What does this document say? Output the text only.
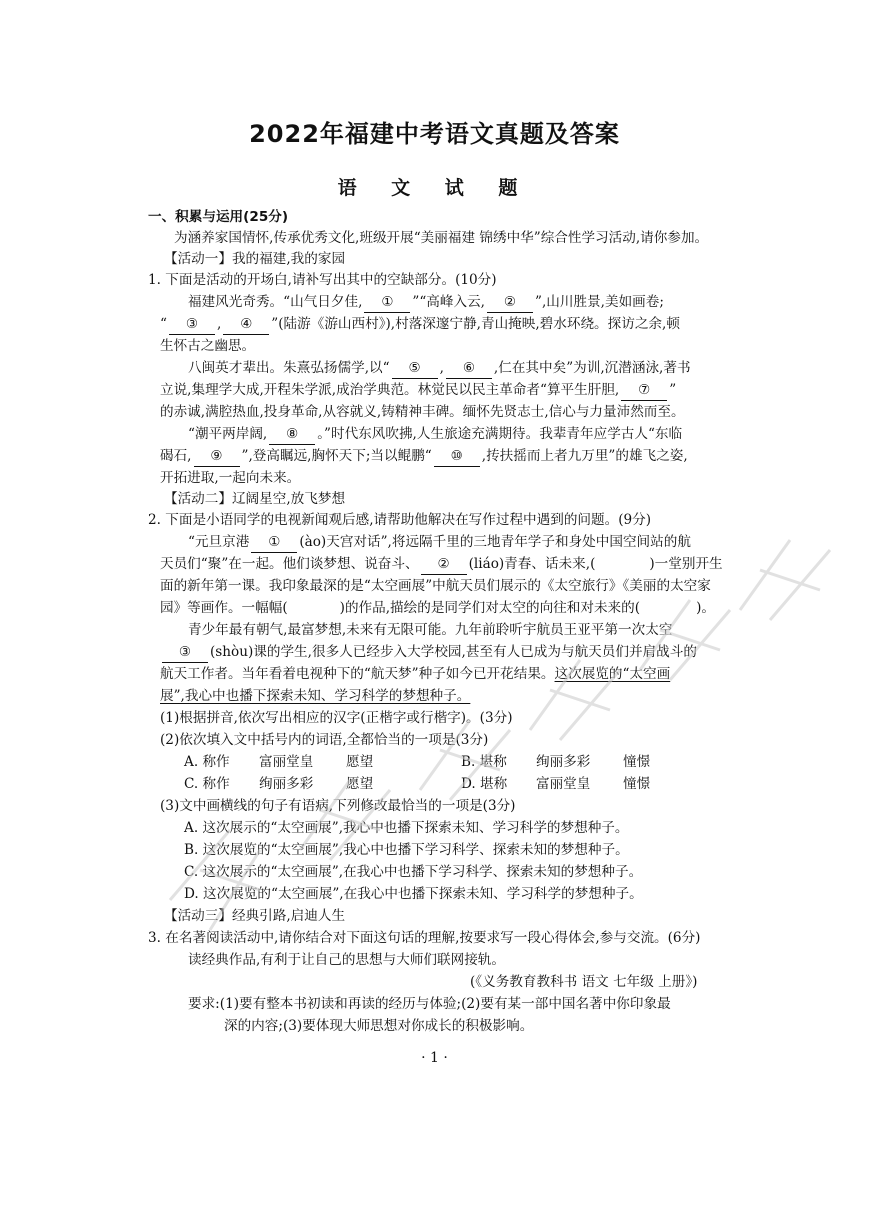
2022年福建中考语文真题及答案
语 文 试 题
一、积累与运用(25分)
为涵养家国情怀,传承优秀文化,班级开展“美丽福建 锦绣中华”综合性学习活动,请你参加。
【活动一】我的福建,我的家园
1. 下面是活动的开场白,请补写出其中的空缺部分。(10分)
福建风光奇秀。“山气日夕佳, ① ”“高峰入云, ② ”,山川胜景,美如画卷;
“ ③ , ④ ”(陆游《游山西村》),村落深邃宁静,青山掩映,碧水环绕。探访之余,顿
生怀古之幽思。
八闽英才辈出。朱熹弘扬儒学,以“ ⑤ , ⑥ ,仁在其中矣”为训,沉潜涵泳,著书
立说,集理学大成,开程朱学派,成治学典范。林觉民以民主革命者“算平生肝胆, ⑦ ”
的赤诚,满腔热血,投身革命,从容就义,铸精神丰碑。缅怀先贤志士,信心与力量沛然而至。
“潮平两岸阔, ⑧ 。”时代东风吹拂,人生旅途充满期待。我辈青年应学古人“东临
碣石, ⑨ ”,登高瞩远,胸怀天下;当以鲲鹏“ ⑩ ,抟扶摇而上者九万里”的雄飞之姿,
开拓进取,一起向未来。
【活动二】辽阔星空,放飞梦想
2. 下面是小语同学的电视新闻观后感,请帮助他解决在写作过程中遇到的问题。(9分)
“元旦京港 ① (ào)天宫对话”,将远隔千里的三地青年学子和身处中国空间站的航
天员们“聚”在一起。他们谈梦想、说奋斗、 ② (liáo)青春、话未来,(	)一堂别开生
面的新年第一课。我印象最深的是“太空画展”中航天员们展示的《太空旅行》《美丽的太空家
园》等画作。一幅幅(	)的作品,描绘的是同学们对太空的向往和对未来的(	)。
青少年最有朝气,最富梦想,未来有无限可能。九年前聆听宇航员王亚平第一次太空
③ (shòu)课的学生,很多人已经步入大学校园,甚至有人已成为与航天员们并肩战斗的
航天工作者。当年看着电视种下的“航天梦”种子如今已开花结果。这次展览的“太空画
展”,我心中也播下探索未知、学习科学的梦想种子。
(1)根据拼音,依次写出相应的汉字(正楷字或行楷字)。(3分)
(2)依次填入文中括号内的词语,全都恰当的一项是(3分)
A. 称作 富丽堂皇 愿望	B. 堪称 绚丽多彩 憧憬
C. 称作 绚丽多彩 愿望	D. 堪称 富丽堂皇 憧憬
(3)文中画横线的句子有语病,下列修改最恰当的一项是(3分)
A. 这次展示的“太空画展”,我心中也播下探索未知、学习科学的梦想种子。
B. 这次展览的“太空画展”,我心中也播下学习科学、探索未知的梦想种子。
C. 这次展示的“太空画展”,在我心中也播下学习科学、探索未知的梦想种子。
D. 这次展览的“太空画展”,在我心中也播下探索未知、学习科学的梦想种子。
【活动三】经典引路,启迪人生
3. 在名著阅读活动中,请你结合对下面这句话的理解,按要求写一段心得体会,参与交流。(6分)
读经典作品,有利于让自己的思想与大师们联网接轨。
(《义务教育教科书 语文 七年级 上册》)
要求:(1)要有整本书初读和再读的经历与体验;(2)要有某一部中国名著中你印象最
深的内容;(3)要体现大师思想对你成长的积极影响。
· 1 ·
